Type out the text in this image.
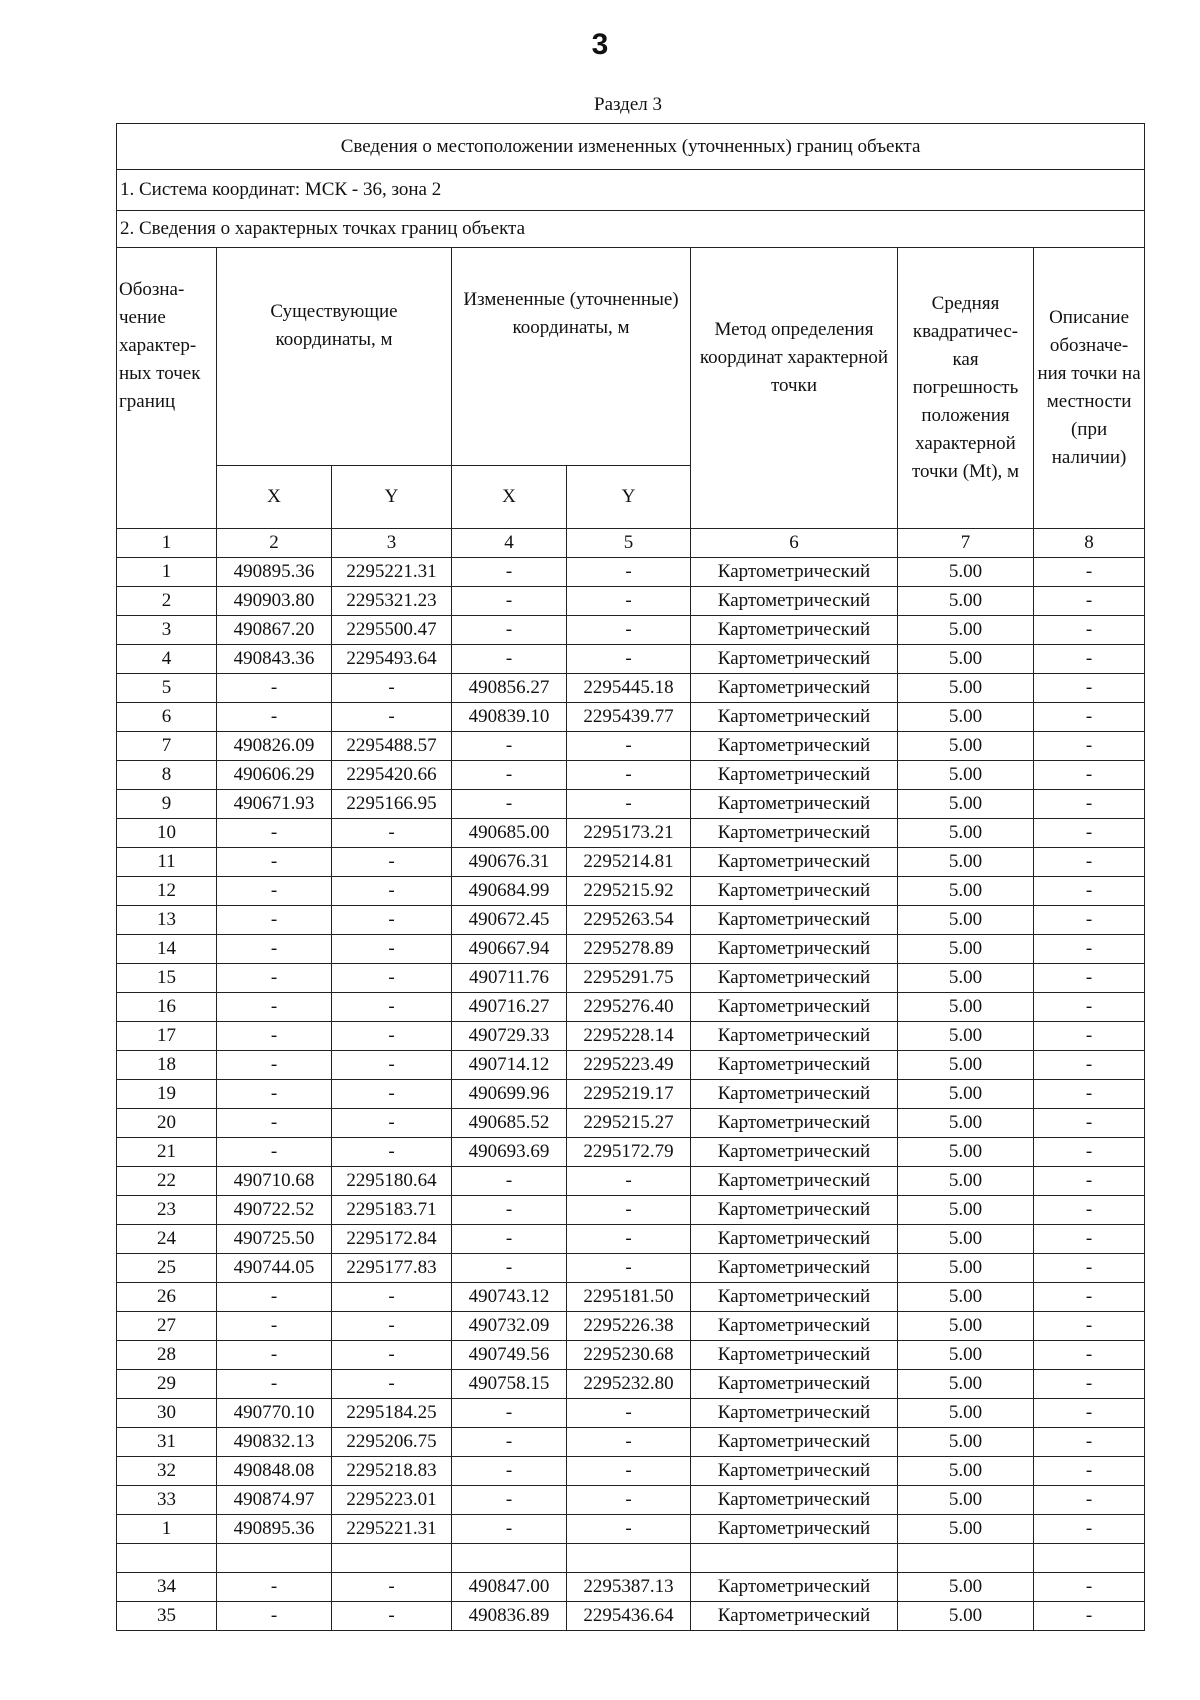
3
Раздел 3
Сведения о местоположении измененных (уточненных) границ объекта							
1. Система координат: МСК - 36, зона 2							
2. Сведения о характерных точках границ объекта							
Обозна- чение характер- ных точек границ	Существующие координаты, м		Измененные (уточненные) координаты, м		Метод определения координат характерной точки	Средняя квадратичес- кая погрешность положения характерной точки (Mt), м	Описание обозначе- ния точки на местности (при наличии)
	X	Y	X	Y			
1	2	3	4	5	6	7	8
1	490895.36	2295221.31	-	-	Картометрический	5.00	-
2	490903.80	2295321.23	-	-	Картометрический	5.00	-
3	490867.20	2295500.47	-	-	Картометрический	5.00	-
4	490843.36	2295493.64	-	-	Картометрический	5.00	-
5	-	-	490856.27	2295445.18	Картометрический	5.00	-
6	-	-	490839.10	2295439.77	Картометрический	5.00	-
7	490826.09	2295488.57	-	-	Картометрический	5.00	-
8	490606.29	2295420.66	-	-	Картометрический	5.00	-
9	490671.93	2295166.95	-	-	Картометрический	5.00	-
10	-	-	490685.00	2295173.21	Картометрический	5.00	-
11	-	-	490676.31	2295214.81	Картометрический	5.00	-
12	-	-	490684.99	2295215.92	Картометрический	5.00	-
13	-	-	490672.45	2295263.54	Картометрический	5.00	-
14	-	-	490667.94	2295278.89	Картометрический	5.00	-
15	-	-	490711.76	2295291.75	Картометрический	5.00	-
16	-	-	490716.27	2295276.40	Картометрический	5.00	-
17	-	-	490729.33	2295228.14	Картометрический	5.00	-
18	-	-	490714.12	2295223.49	Картометрический	5.00	-
19	-	-	490699.96	2295219.17	Картометрический	5.00	-
20	-	-	490685.52	2295215.27	Картометрический	5.00	-
21	-	-	490693.69	2295172.79	Картометрический	5.00	-
22	490710.68	2295180.64	-	-	Картометрический	5.00	-
23	490722.52	2295183.71	-	-	Картометрический	5.00	-
24	490725.50	2295172.84	-	-	Картометрический	5.00	-
25	490744.05	2295177.83	-	-	Картометрический	5.00	-
26	-	-	490743.12	2295181.50	Картометрический	5.00	-
27	-	-	490732.09	2295226.38	Картометрический	5.00	-
28	-	-	490749.56	2295230.68	Картометрический	5.00	-
29	-	-	490758.15	2295232.80	Картометрический	5.00	-
30	490770.10	2295184.25	-	-	Картометрический	5.00	-
31	490832.13	2295206.75	-	-	Картометрический	5.00	-
32	490848.08	2295218.83	-	-	Картометрический	5.00	-
33	490874.97	2295223.01	-	-	Картометрический	5.00	-
1	490895.36	2295221.31	-	-	Картометрический	5.00	-

34	-	-	490847.00	2295387.13	Картометрический	5.00	-
35	-	-	490836.89	2295436.64	Картометрический	5.00	-
